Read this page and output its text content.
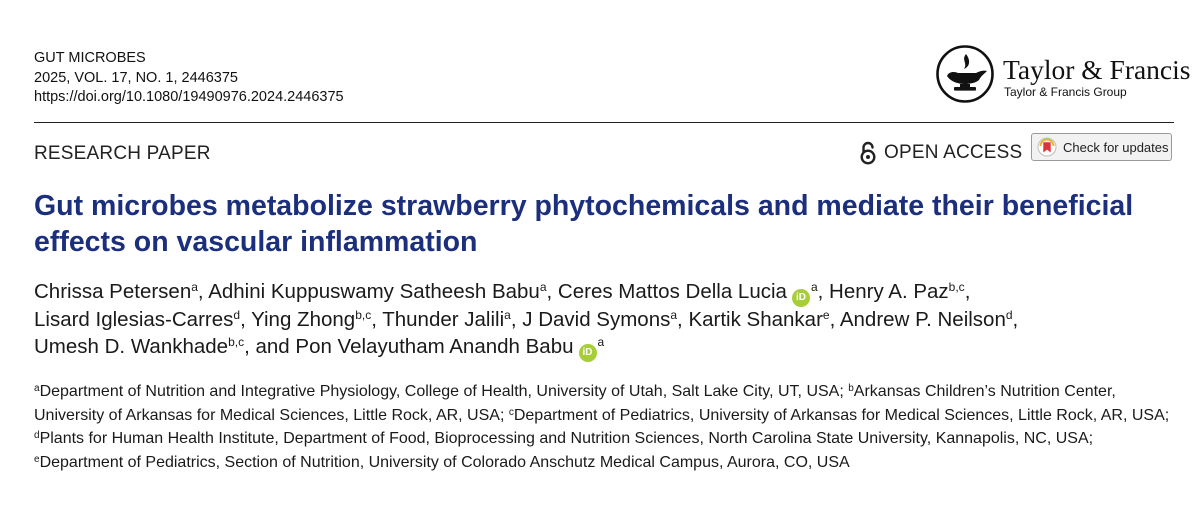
GUT MICROBES
2025, VOL. 17, NO. 1, 2446375
https://doi.org/10.1080/19490976.2024.2446375
Taylor & Francis
Taylor & Francis Group
RESEARCH PAPER	OPEN ACCESS	Check for updates
Gut microbes metabolize strawberry phytochemicals and mediate their beneficial effects on vascular inflammation
Chrissa Petersen$^a$, Adhini Kuppuswamy Satheesh Babu$^a$, Ceres Mattos Della Lucia $iD^a$, Henry A. Paz$^{b,c}$, Lisard Iglesias-Carres$^d$, Ying Zhong$^{b,c}$, Thunder Jalili$^a$, J David Symons$^a$, Kartik Shankar$^e$, Andrew P. Neilson$^d$, Umesh D. Wankhade$^{b,c}$, and Pon Velayutham Anandh Babu $iD^a$
$^a$Department of Nutrition and Integrative Physiology, College of Health, University of Utah, Salt Lake City, UT, USA; $^b$Arkansas Children’s Nutrition Center, University of Arkansas for Medical Sciences, Little Rock, AR, USA; $^c$Department of Pediatrics, University of Arkansas for Medical Sciences, Little Rock, AR, USA; $^d$Plants for Human Health Institute, Department of Food, Bioprocessing and Nutrition Sciences, North Carolina State University, Kannapolis, NC, USA; $^e$Department of Pediatrics, Section of Nutrition, University of Colorado Anschutz Medical Campus, Aurora, CO, USA
